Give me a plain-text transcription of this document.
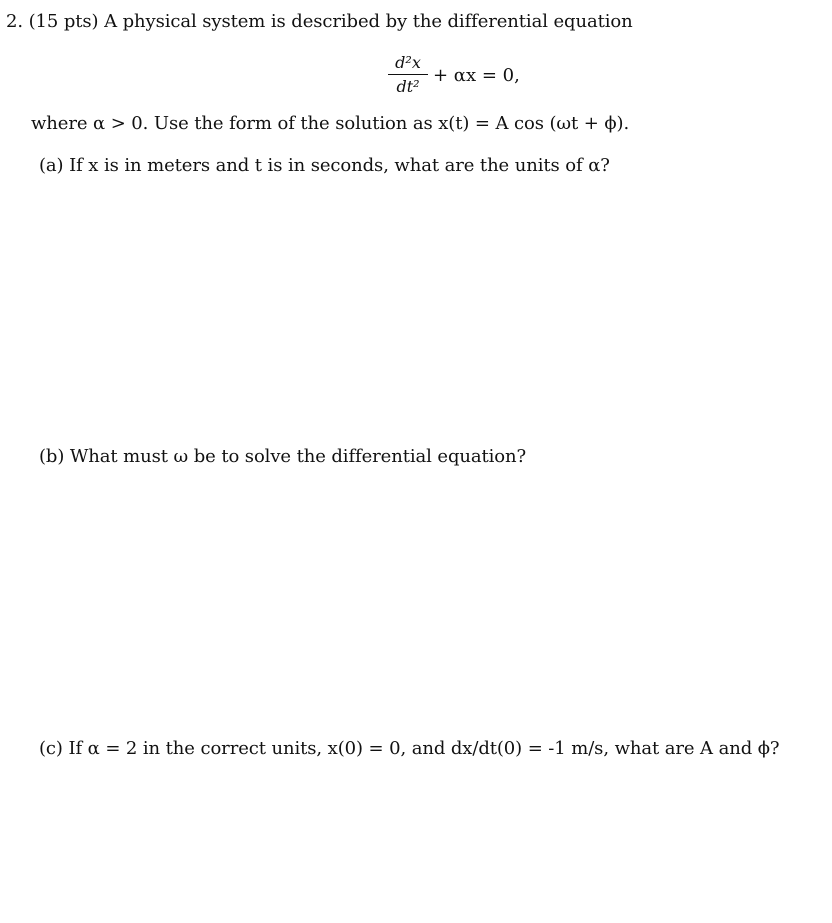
2. (15 pts) A physical system is described by the differential equation
d²x
dt²
+ αx = 0,
where α > 0. Use the form of the solution as x(t) = A cos (ωt + ϕ).
(a) If x is in meters and t is in seconds, what are the units of α?
(b) What must ω be to solve the differential equation?
(c) If α = 2 in the correct units, x(0) = 0, and dx/dt(0) = -1 m/s, what are A and ϕ?
